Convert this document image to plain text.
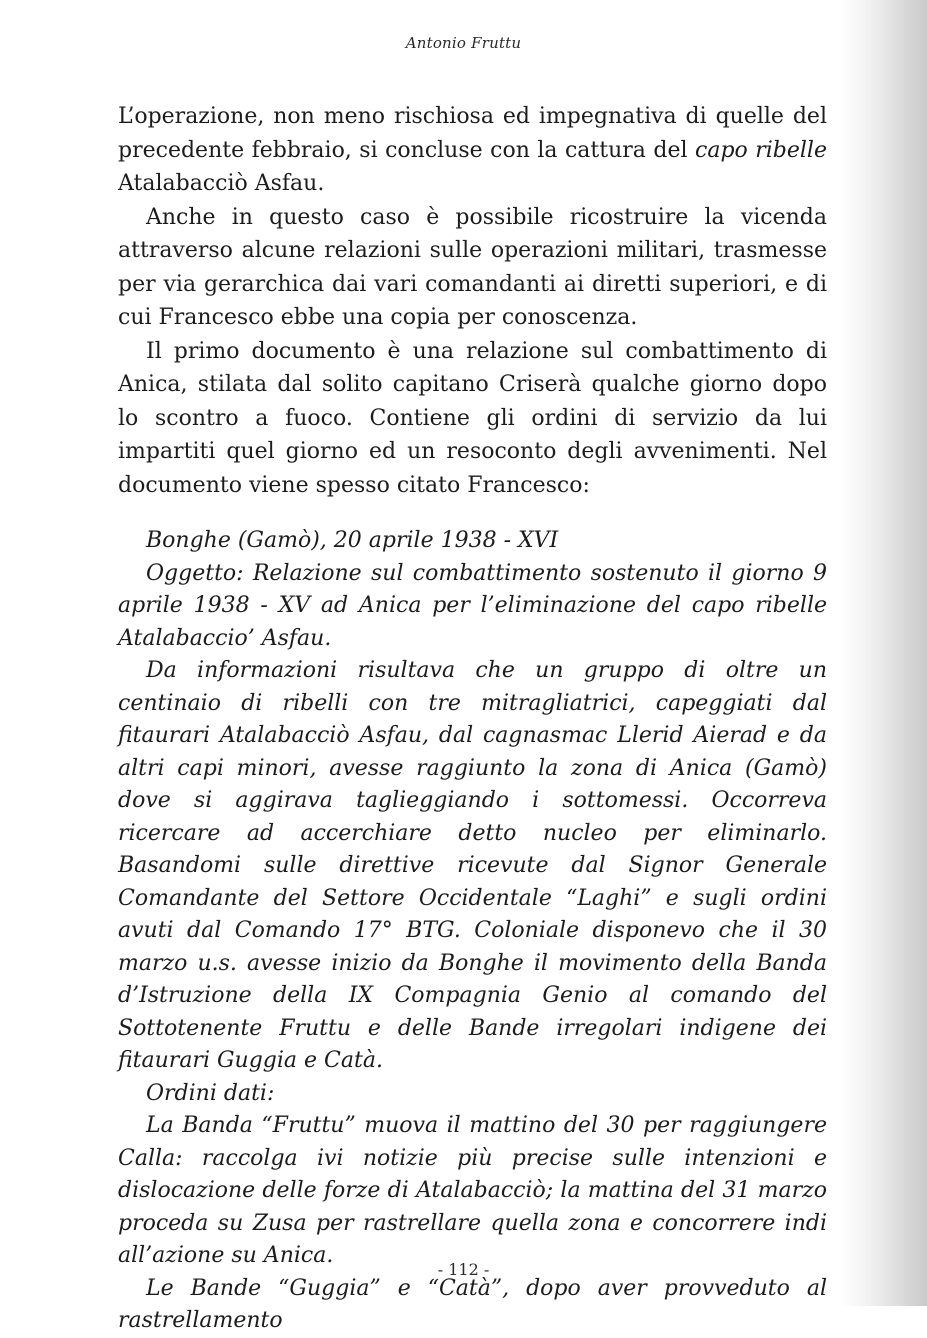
Antonio Fruttu

L’operazione, non meno rischiosa ed impegnativa di quelle del precedente febbraio, si concluse con la cattura del capo ribelle Atalabacciò Asfau.

Anche in questo caso è possibile ricostruire la vicenda attraverso alcune relazioni sulle operazioni militari, trasmesse per via gerarchica dai vari comandanti ai diretti superiori, e di cui Francesco ebbe una copia per conoscenza.

Il primo documento è una relazione sul combattimento di Anica, stilata dal solito capitano Criserà qualche giorno dopo lo scontro a fuoco. Contiene gli ordini di servizio da lui impartiti quel giorno ed un resoconto degli avvenimenti. Nel documento viene spesso citato Francesco:

Bonghe (Gamò), 20 aprile 1938 - XVI

Oggetto: Relazione sul combattimento sostenuto il giorno 9 aprile 1938 - XV ad Anica per l’eliminazione del capo ribelle Atalabaccio’ Asfau.

Da informazioni risultava che un gruppo di oltre un centinaio di ribelli con tre mitragliatrici, capeggiati dal fitaurari Atalabacciò Asfau, dal cagnasmac Llerid Aierad e da altri capi minori, avesse raggiunto la zona di Anica (Gamò) dove si aggirava taglieggiando i sottomessi. Occorreva ricercare ad accerchiare detto nucleo per eliminarlo. Basandomi sulle direttive ricevute dal Signor Generale Comandante del Settore Occidentale “Laghi” e sugli ordini avuti dal Comando 17° BTG. Coloniale disponevo che il 30 marzo u.s. avesse inizio da Bonghe il movimento della Banda d’Istruzione della IX Compagnia Genio al comando del Sottotenente Fruttu e delle Bande irregolari indigene dei fitaurari Guggia e Catà.

Ordini dati:

La Banda “Fruttu” muova il mattino del 30 per raggiungere Calla: raccolga ivi notizie più precise sulle intenzioni e dislocazione delle forze di Atalabacciò; la mattina del 31 marzo proceda su Zusa per rastrellare quella zona e concorrere indi all’azione su Anica.

Le Bande “Guggia” e “Catà”, dopo aver provveduto al rastrellamento

- 112 -
